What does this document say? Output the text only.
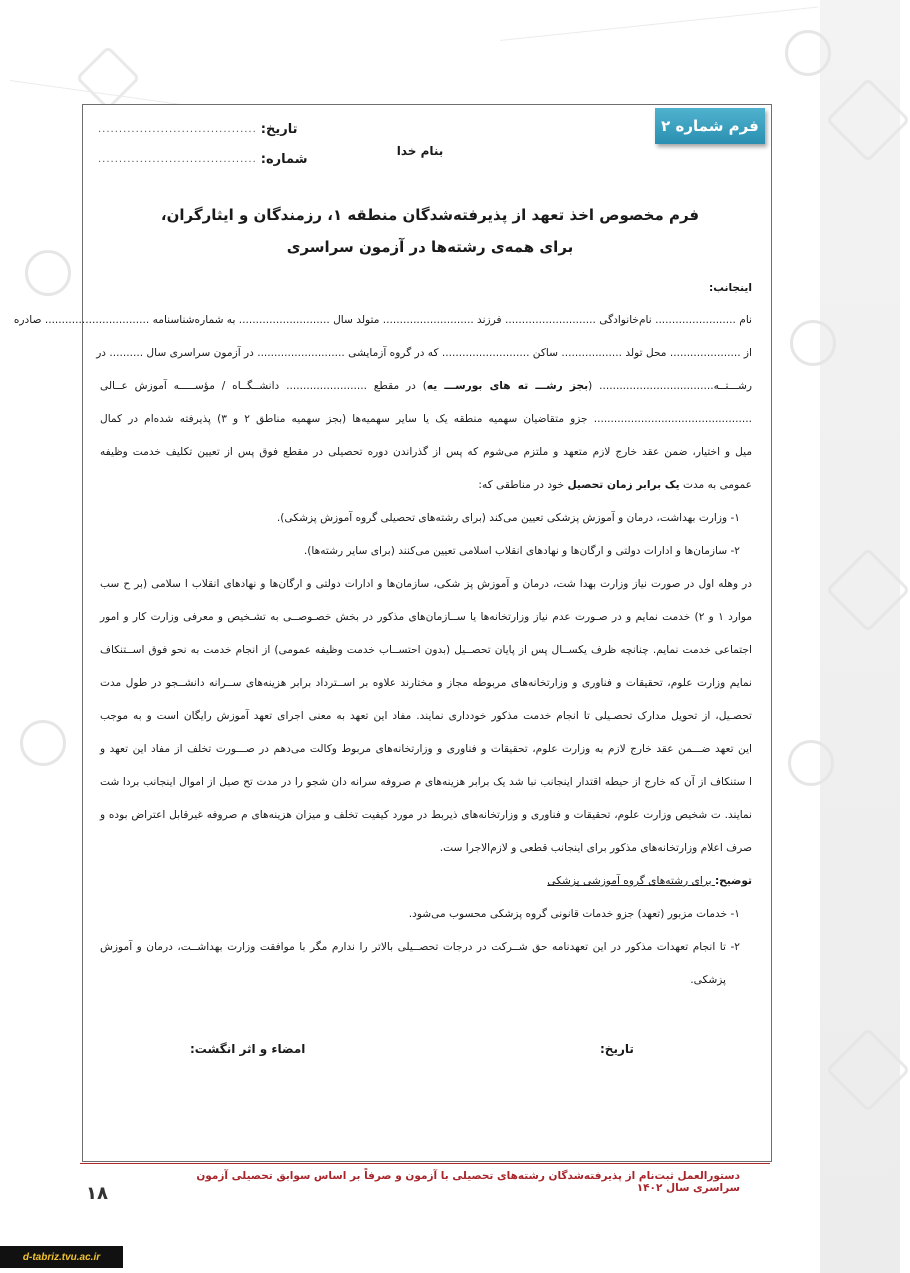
فرم شماره ۲
تاریخ:
......................................
شماره:
......................................
بنام خدا
فرم مخصوص اخذ تعهد از پذیرفته‌شدگان منطقه ۱، رزمندگان و ایثارگران،
برای همه‌ی رشته‌ها در آزمون سراسری

اینجانب:

نام ........................ نام‌خانوادگی ........................... فرزند ........................... متولد سال ........................... به شماره‌شناسنامه ............................... صادره

از ..................... محل تولد .................. ساکن .......................... که در گروه آزمایشی .......................... در آزمون سراسری سال .......... در

رشـــتــه.................................. (بجز رشـــ ته های بورســـ یه) در مقطع ........................ دانشــگــاه / مؤســـــه آموزش عــالی

............................................... جزو متقاضیان سهمیه منطقه یک یا سایر سهمیه‌ها (بجز سهمیه مناطق ۲ و ۳) پذیرفته شده‌ام در کمال

میل و اختیار، ضمن عقد خارج لازم متعهد و ملتزم می‌شوم که پس از گذراندن دوره تحصیلی در مقطع فوق پس از تعیین تکلیف خدمت وظیفه

عمومی به مدت یک برابر زمان تحصیل خود در مناطقی که:

۱- وزارت بهداشت، درمان و آموزش پزشکی تعیین می‌کند (برای رشته‌های تحصیلی گروه آموزش پزشکی).

۲- سازمان‌ها و ادارات دولتی و ارگان‌ها و نهادهای انقلاب اسلامی تعیین می‌کنند (برای سایر رشته‌ها).

در وهله اول در صورت نیاز وزارت بهدا شت، درمان و آموزش پز شکی، سازمان‌ها و ادارات دولتی و ارگان‌ها و نهادهای انقلاب ا سلامی (بر ح سب

موارد ۱ و ۲) خدمت نمایم و در صـورت عدم نیاز وزارتخانه‌ها یا ســازمان‌های مذکور در بخش خصـوصــی به تشـخیص و معرفی وزارت کار و امور

اجتماعی خدمت نمایم. چنانچه ظرف یکســال پس از پایان تحصــیل (بدون احتســاب خدمت وظیفه عمومی) از انجام خدمت به نحو فوق اســتنکاف

نمایم وزارت علوم، تحقیقات و فناوری و وزارتخانه‌های مربوطه مجاز و مختارند علاوه بر اســترداد برابر هزینه‌های ســرانه دانشــجو در طول مدت

تحصـیل، از تحویل مدارک تحصـیلی تا انجام خدمت مذکور خودداری نمایند. مفاد این تعهد به معنی اجرای تعهد آموزش رایگان است و به موجب

این تعهد ضـــمن عقد خارج لازم به وزارت علوم، تحقیقات و فناوری و وزارتخانه‌های مربوط وکالت می‌دهم در صـــورت تخلف از مفاد این تعهد و

ا ستنکاف از آن که خارج از حیطه اقتدار اینجانب نبا شد یک برابر هزینه‌های م صروفه سرانه دان شجو را در مدت تح صیل از اموال اینجانب بردا شت

نمایند. ت شخیص وزارت علوم، تحقیقات و فناوری و وزارتخانه‌های ذیربط در مورد کیفیت تخلف و میزان هزینه‌های م صروفه غیرقابل اعتراض بوده و

صرف اعلام وزارتخانه‌های مذکور برای اینجانب قطعی و لازم‌الاجرا ست.

توضیح: برای رشته‌های گروه آموزشی پزشکی

۱- خدمات مزبور (تعهد) جزو خدمات قانونی گروه پزشکی محسوب می‌شود.

۲- تا انجام تعهدات مذکور در این تعهدنامه حق شــرکت در درجات تحصــیلی بالاتر را ندارم مگر با موافقت وزارت بهداشــت، درمان و آموزش

پزشکی.

تاریخ:
امضاء و اثر انگشت:
دستورالعمل ثبت‌نام از پذیرفته‌شدگان رشته‌های تحصیلی با آزمون و صرفاً بر اساس سوابق تحصیلی آزمون سراسری سال ۱۴۰۲
۱۸
d-tabriz.tvu.ac.ir
